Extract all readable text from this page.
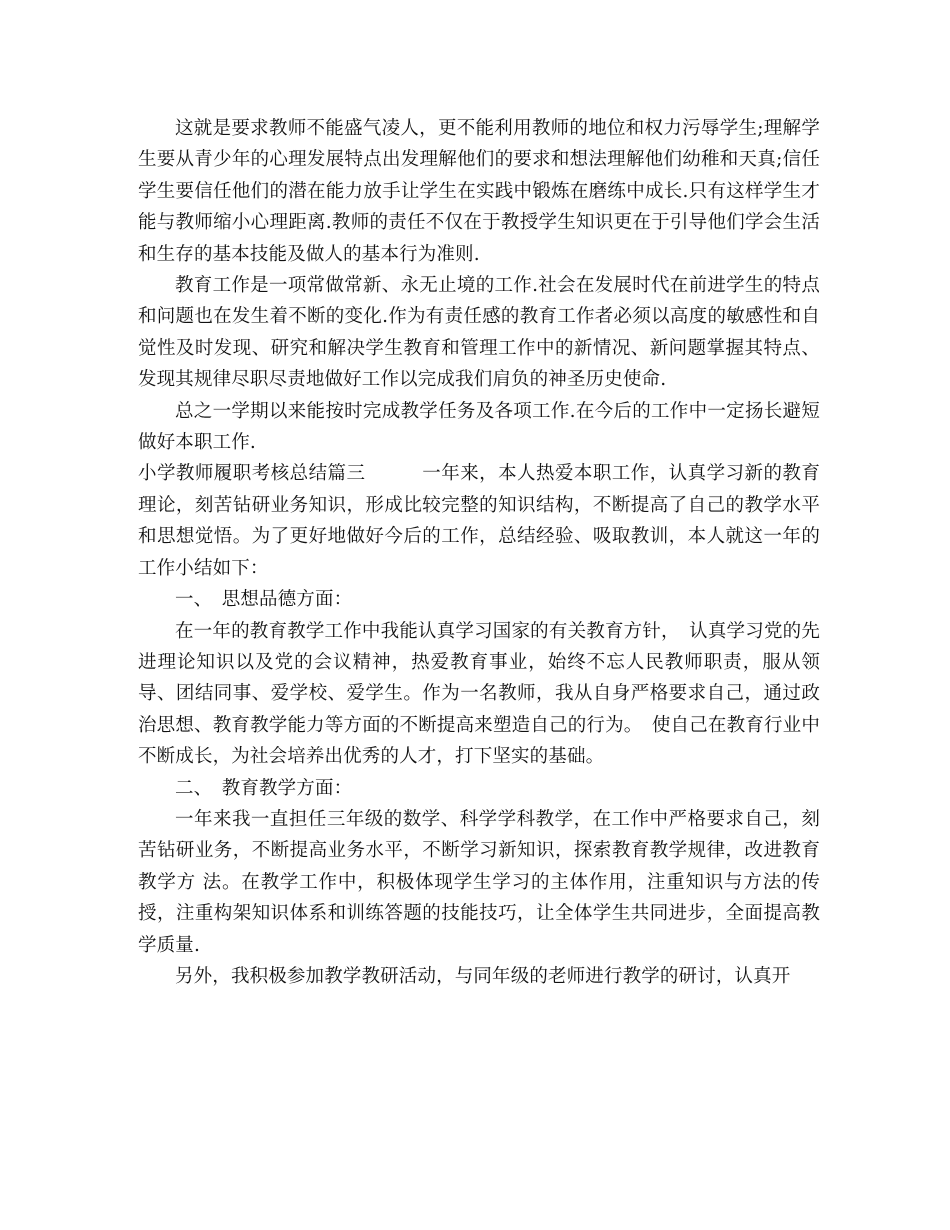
这就是要求教师不能盛气凌人，更不能利用教师的地位和权力污辱学生;理解学生要从青少年的心理发展特点出发理解他们的要求和想法理解他们幼稚和天真;信任学生要信任他们的潜在能力放手让学生在实践中锻炼在磨练中成长.只有这样学生才能与教师缩小心理距离.教师的责任不仅在于教授学生知识更在于引导他们学会生活和生存的基本技能及做人的基本行为准则.

教育工作是一项常做常新、永无止境的工作.社会在发展时代在前进学生的特点和问题也在发生着不断的变化.作为有责任感的教育工作者必须以高度的敏感性和自觉性及时发现、研究和解决学生教育和管理工作中的新情况、新问题掌握其特点、发现其规律尽职尽责地做好工作以完成我们肩负的神圣历史使命.

总之一学期以来能按时完成教学任务及各项工作.在今后的工作中一定扬长避短做好本职工作.

小学教师履职考核总结篇三　　　一年来，本人热爱本职工作，认真学习新的教育理论，刻苦钻研业务知识，形成比较完整的知识结构，不断提高了自己的教学水平和思想觉悟。为了更好地做好今后的工作，总结经验、吸取教训，本人就这一年的工作小结如下：

一、　思想品德方面：

在一年的教育教学工作中我能认真学习国家的有关教育方针，　认真学习党的先进理论知识以及党的会议精神，热爱教育事业，始终不忘人民教师职责，服从领导、团结同事、爱学校、爱学生。作为一名教师，我从自身严格要求自己，通过政治思想、教育教学能力等方面的不断提高来塑造自己的行为。　使自己在教育行业中不断成长，为社会培养出优秀的人才，打下坚实的基础。

二、　教育教学方面：

一年来我一直担任三年级的数学、科学学科教学，在工作中严格要求自己，刻苦钻研业务，不断提高业务水平，不断学习新知识，探索教育教学规律，改进教育教学方 法。在教学工作中，积极体现学生学习的主体作用，注重知识与方法的传授，注重构架知识体系和训练答题的技能技巧，让全体学生共同进步，全面提高教学质量.

另外，我积极参加教学教研活动，与同年级的老师进行教学的研讨，认真开
